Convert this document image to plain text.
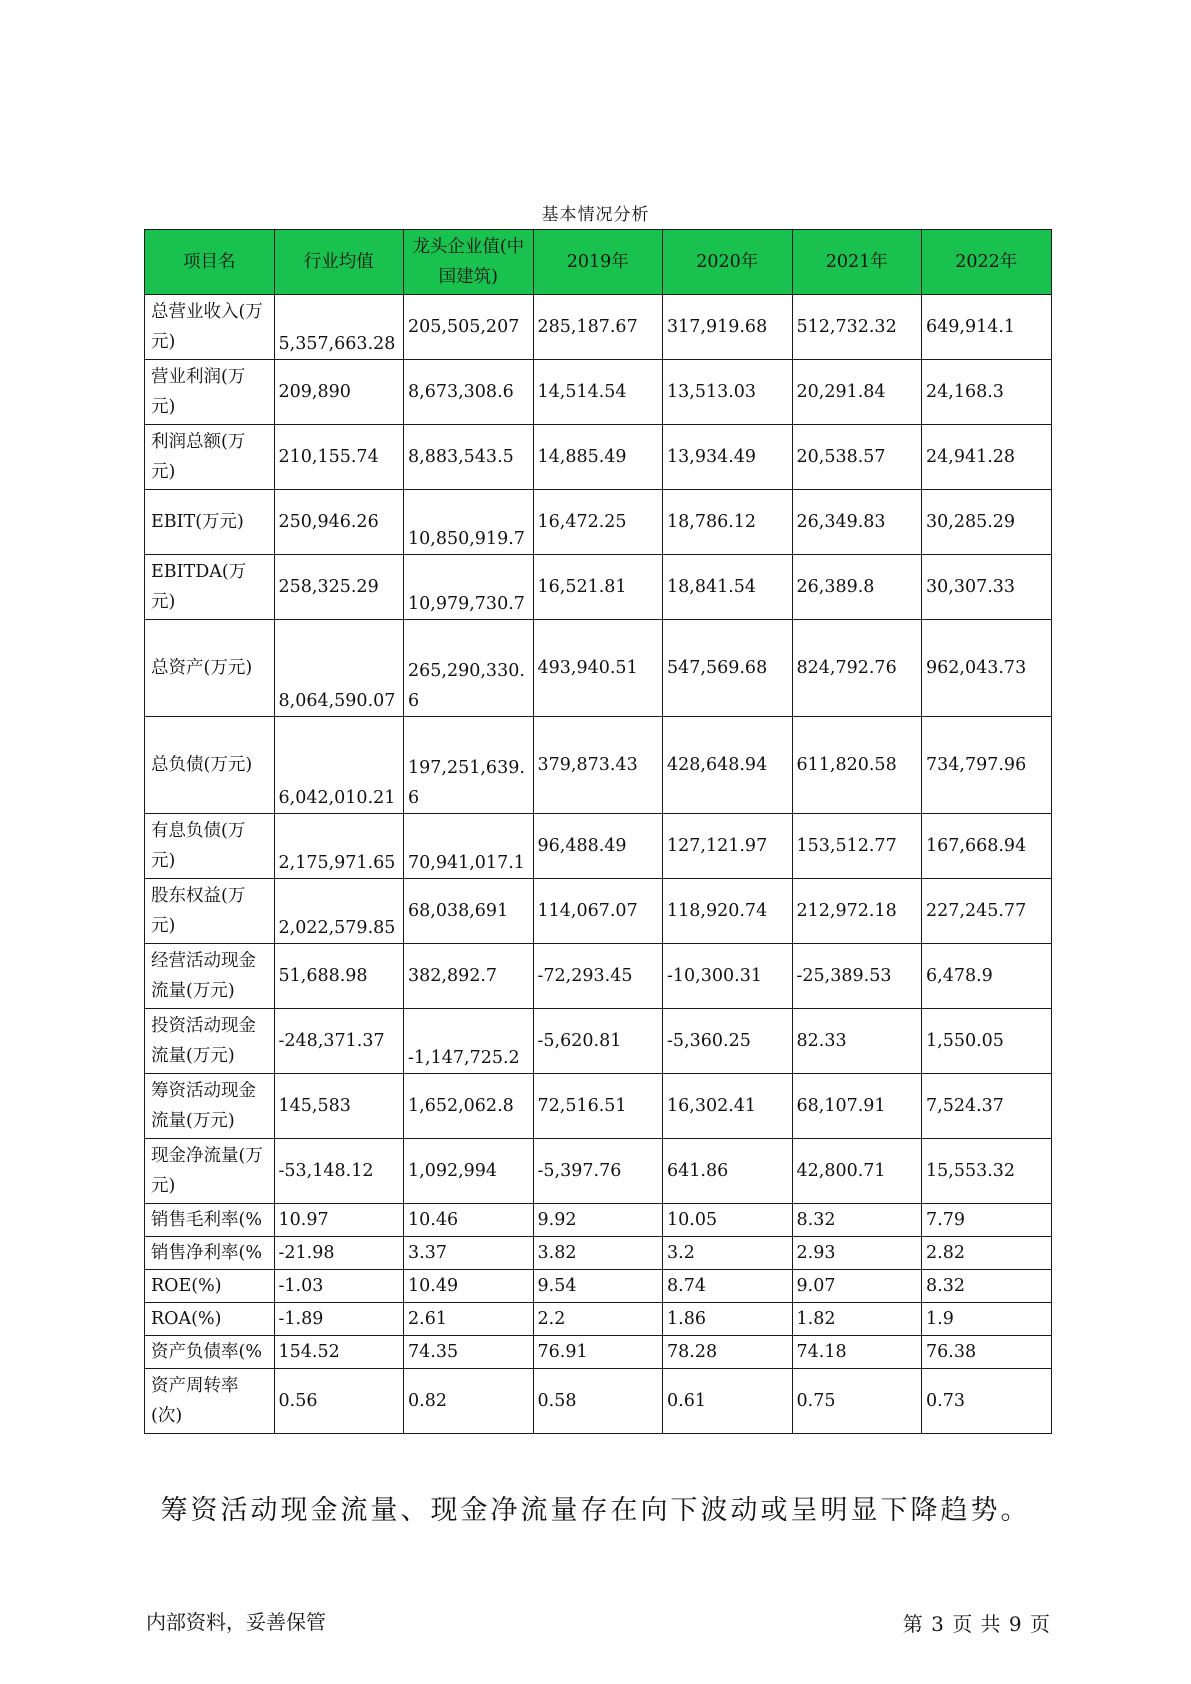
基本情况分析
项目名	行业均值	龙头企业值(中国建筑)	2019年	2020年	2021年	2022年
总营业收入(万元)	5,357,663.28	205,505,207	285,187.67	317,919.68	512,732.32	649,914.1
营业利润(万元)	209,890	8,673,308.6	14,514.54	13,513.03	20,291.84	24,168.3
利润总额(万元)	210,155.74	8,883,543.5	14,885.49	13,934.49	20,538.57	24,941.28
EBIT(万元)	250,946.26	10,850,919.7	16,472.25	18,786.12	26,349.83	30,285.29
EBITDA(万元)	258,325.29	10,979,730.7	16,521.81	18,841.54	26,389.8	30,307.33
总资产(万元)	8,064,590.07	265,290,330.6	493,940.51	547,569.68	824,792.76	962,043.73
总负债(万元)	6,042,010.21	197,251,639.6	379,873.43	428,648.94	611,820.58	734,797.96
有息负债(万元)	2,175,971.65	70,941,017.1	96,488.49	127,121.97	153,512.77	167,668.94
股东权益(万元)	2,022,579.85	68,038,691	114,067.07	118,920.74	212,972.18	227,245.77
经营活动现金流量(万元)	51,688.98	382,892.7	-72,293.45	-10,300.31	-25,389.53	6,478.9
投资活动现金流量(万元)	-248,371.37	-1,147,725.2	-5,620.81	-5,360.25	82.33	1,550.05
筹资活动现金流量(万元)	145,583	1,652,062.8	72,516.51	16,302.41	68,107.91	7,524.37
现金净流量(万元)	-53,148.12	1,092,994	-5,397.76	641.86	42,800.71	15,553.32
销售毛利率(%	10.97	10.46	9.92	10.05	8.32	7.79
销售净利率(%	-21.98	3.37	3.82	3.2	2.93	2.82
ROE(%)	-1.03	10.49	9.54	8.74	9.07	8.32
ROA(%)	-1.89	2.61	2.2	1.86	1.82	1.9
资产负债率(%	154.52	74.35	76.91	78.28	74.18	76.38
资产周转率(次)	0.56	0.82	0.58	0.61	0.75	0.73
筹资活动现金流量、现金净流量存在向下波动或呈明显下降趋势。
内部资料，妥善保管	第 3 页 共 9 页
